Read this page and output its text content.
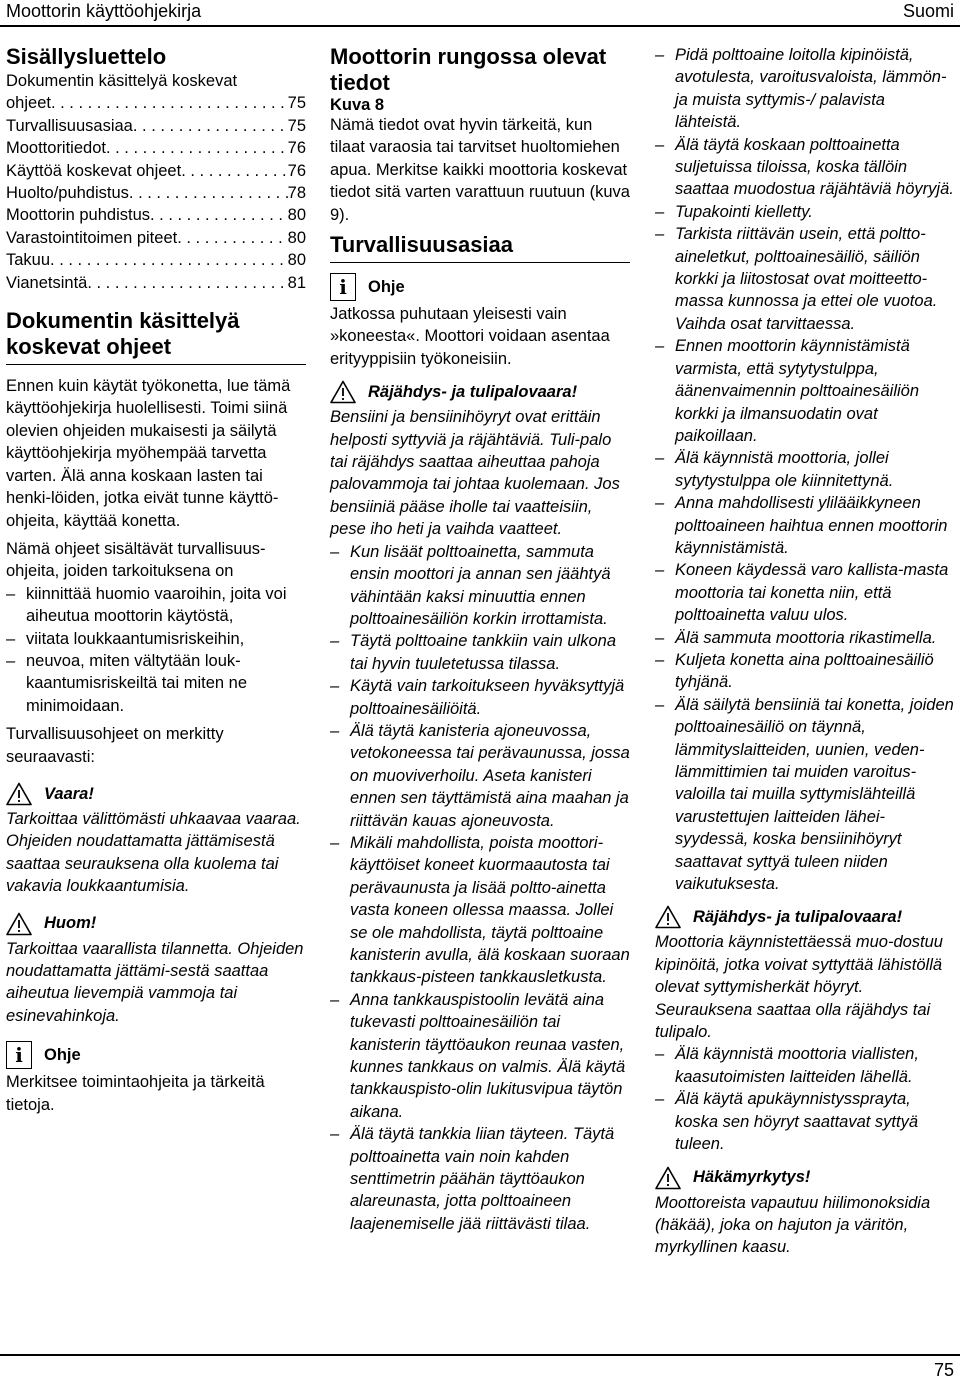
Moottorin käyttöohjekirja	Suomi
Sisällysluettelo
Dokumentin käsittelyä koskevat
ohjeet . . .	75
Turvallisuusasiaa . . .	75
Moottoritiedot . . .	76
Käyttöä koskevat ohjeet . . .	76
Huolto/puhdistus . . .	78
Moottorin puhdistus . . .	80
Varastointitoimen piteet . . .	80
Takuu . . .	80
Vianetsintä . . .	81
Dokumentin käsittelyä koskevat ohjeet

Ennen kuin käytät työkonetta, lue tämä käyttöohjekirja huolellisesti. Toimi siinä olevien ohjeiden mukaisesti ja säilytä käyttöohjekirja myöhempää tarvetta varten. Älä anna koskaan lasten tai henki-löiden, jotka eivät tunne käyttö-ohjeita, käyttää konetta.

Nämä ohjeet sisältävät turvallisuus-ohjeita, joiden tarkoituksena on

– kiinnittää huomio vaaroihin, joita voi aiheutua moottorin käytöstä,
– viitata loukkaantumisriskeihin,
– neuvoa, miten vältytään louk-kaantumisriskeiltä tai miten ne minimoidaan.

Turvallisuusohjeet on merkitty seuraavasti:

Vaara!

Tarkoittaa välittömästi uhkaavaa vaaraa. Ohjeiden noudattamatta jättämisestä saattaa seurauksena olla kuolema tai vakavia loukkaantumisia.

Huom!

Tarkoittaa vaarallista tilannetta. Ohjeiden noudattamatta jättämi-sestä saattaa aiheutua lievempiä vammoja tai esinevahinkoja.

i	Ohje

Merkitsee toimintaohjeita ja tärkeitä tietoja.

Moottorin rungossa olevat tiedot
Kuva 8

Nämä tiedot ovat hyvin tärkeitä, kun tilaat varaosia tai tarvitset huoltomiehen apua. Merkitse kaikki moottoria koskevat tiedot sitä varten varattuun ruutuun (kuva 9).

Turvallisuusasiaa
i	Ohje

Jatkossa puhutaan yleisesti vain »koneesta«. Moottori voidaan asentaa erityyppisiin työkoneisiin.

Räjähdys- ja tulipalovaara!

Bensiini ja bensiinihöyryt ovat erittäin helposti syttyviä ja räjähtäviä. Tuli-palo tai räjähdys saattaa aiheuttaa pahoja palovammoja tai johtaa kuolemaan. Jos bensiiniä pääse iholle tai vaatteisiin, pese iho heti ja vaihda vaatteet.

– Kun lisäät polttoainetta, sammuta ensin moottori ja annan sen jäähtyä vähintään kaksi minuuttia ennen polttoainesäiliön korkin irrottamista.
– Täytä polttoaine tankkiin vain ulkona tai hyvin tuuletetussa tilassa.
– Käytä vain tarkoitukseen hyväksyttyjä polttoainesäiliöitä.
– Älä täytä kanisteria ajoneuvossa, vetokoneessa tai perävaunussa, jossa on muoviverhoilu. Aseta kanisteri ennen sen täyttämistä aina maahan ja riittävän kauas ajoneuvosta.
– Mikäli mahdollista, poista moottori-käyttöiset koneet kuormaautosta tai perävaunusta ja lisää poltto-ainetta vasta koneen ollessa maassa. Jollei se ole mahdollista, täytä polttoaine kanisterin avulla, älä koskaan suoraan tankkaus-pisteen tankkausletkusta.
– Anna tankkauspistoolin levätä aina tukevasti polttoainesäiliön tai kanisterin täyttöaukon reunaa vasten, kunnes tankkaus on valmis. Älä käytä tankkauspisto-olin lukitusvipua täytön aikana.
– Älä täytä tankkia liian täyteen. Täytä polttoainetta vain noin kahden senttimetrin päähän täyttöaukon alareunasta, jotta polttoaineen laajenemiselle jää riittävästi tilaa.
– Pidä polttoaine loitolla kipinöistä, avotulesta, varoitusvaloista, lämmön- ja muista syttymis-/ palavista lähteistä.
– Älä täytä koskaan polttoainetta suljetuissa tiloissa, koska tällöin saattaa muodostua räjähtäviä höyryjä.
– Tupakointi kielletty.
– Tarkista riittävän usein, että poltto-aineletkut, polttoainesäiliö, säiliön korkki ja liitostosat ovat moitteetto-massa kunnossa ja ettei ole vuotoa. Vaihda osat tarvittaessa.
– Ennen moottorin käynnistämistä varmista, että sytytystulppa, äänenvaimennin polttoainesäiliön korkki ja ilmansuodatin ovat paikoillaan.
– Älä käynnistä moottoria, jollei sytytystulppa ole kiinnitettynä.
– Anna mahdollisesti ylilääikkyneen polttoaineen haihtua ennen moottorin käynnistämistä.
– Koneen käydessä varo kallista-masta moottoria tai konetta niin, että polttoainetta valuu ulos.
– Älä sammuta moottoria rikastimella.
– Kuljeta konetta aina polttoainesäiliö tyhjänä.
– Älä säilytä bensiiniä tai konetta, joiden polttoainesäiliö on täynnä, lämmityslaitteiden, uunien, veden-lämmittimien tai muiden varoitus-valoilla tai muilla syttymislähteillä varustettujen laitteiden lähei-syydessä, koska bensiinihöyryt saattavat syttyä tuleen niiden vaikutuksesta.
Räjähdys- ja tulipalovaara!

Moottoria käynnistettäessä muo-dostuu kipinöitä, jotka voivat syttyttää lähistöllä olevat syttymisherkät höyryt. Seurauksena saattaa olla räjähdys tai tulipalo.

– Älä käynnistä moottoria viallisten, kaasutoimisten laitteiden lähellä.
– Älä käytä apukäynnistyssprayta, koska sen höyryt saattavat syttyä tuleen.
Häkämyrkytys!

Moottoreista vapautuu hiilimonoksidia (häkää), joka on hajuton ja väritön, myrkyllinen kaasu.

75
